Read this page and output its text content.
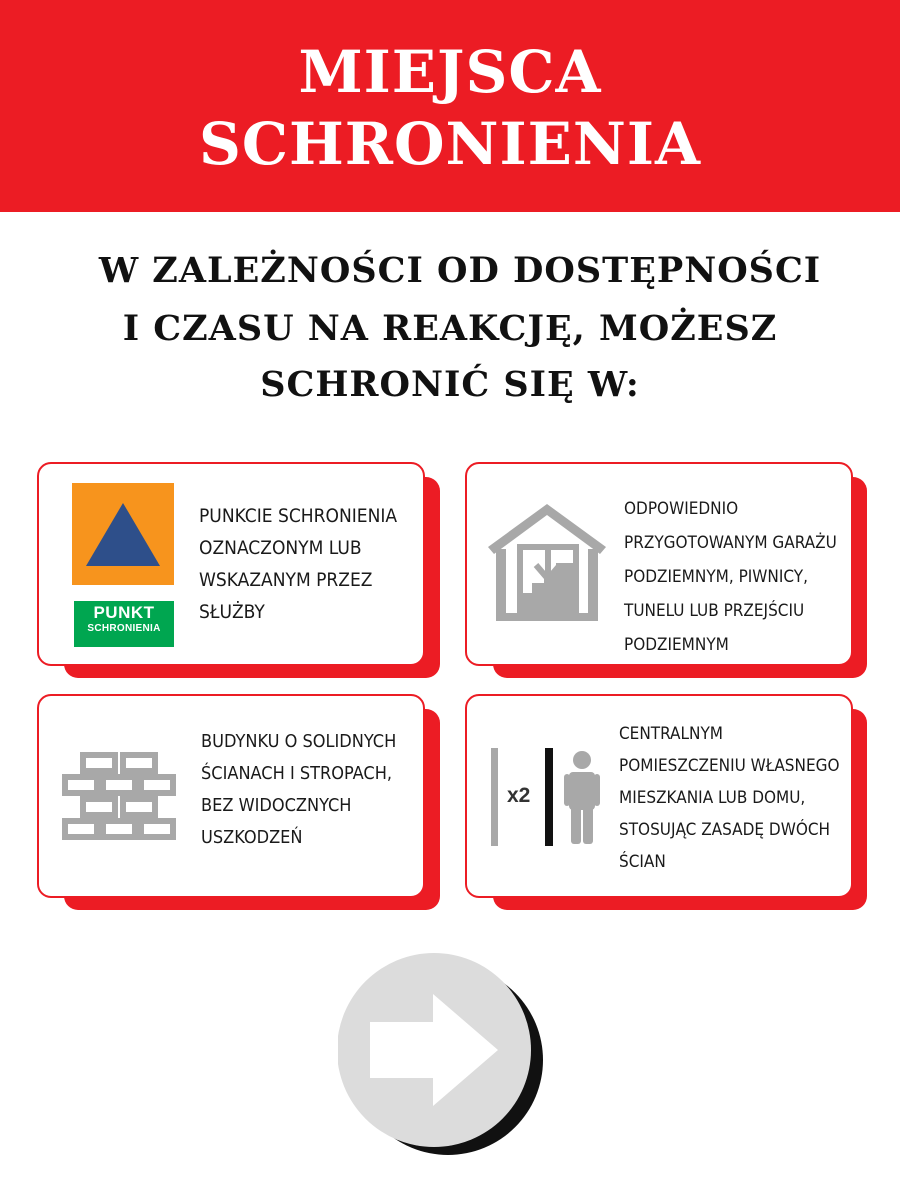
MIEJSCA
SCHRONIENIA
W ZALEŻNOŚCI OD DOSTĘPNOŚCI
I CZASU NA REAKCJĘ, MOŻESZ
SCHRONIĆ SIĘ W:
PUNKT
SCHRONIENIA
PUNKCIE SCHRONIENIA
OZNACZONYM LUB
WSKAZANYM PRZEZ
SŁUŻBY
ODPOWIEDNIO
PRZYGOTOWANYM GARAŻU
PODZIEMNYM, PIWNICY,
TUNELU LUB PRZEJŚCIU
PODZIEMNYM
BUDYNKU O SOLIDNYCH
ŚCIANACH I STROPACH,
BEZ WIDOCZNYCH
USZKODZEŃ
x2
CENTRALNYM
POMIESZCZENIU WŁASNEGO
MIESZKANIA LUB DOMU,
STOSUJĄC ZASADĘ DWÓCH
ŚCIAN
